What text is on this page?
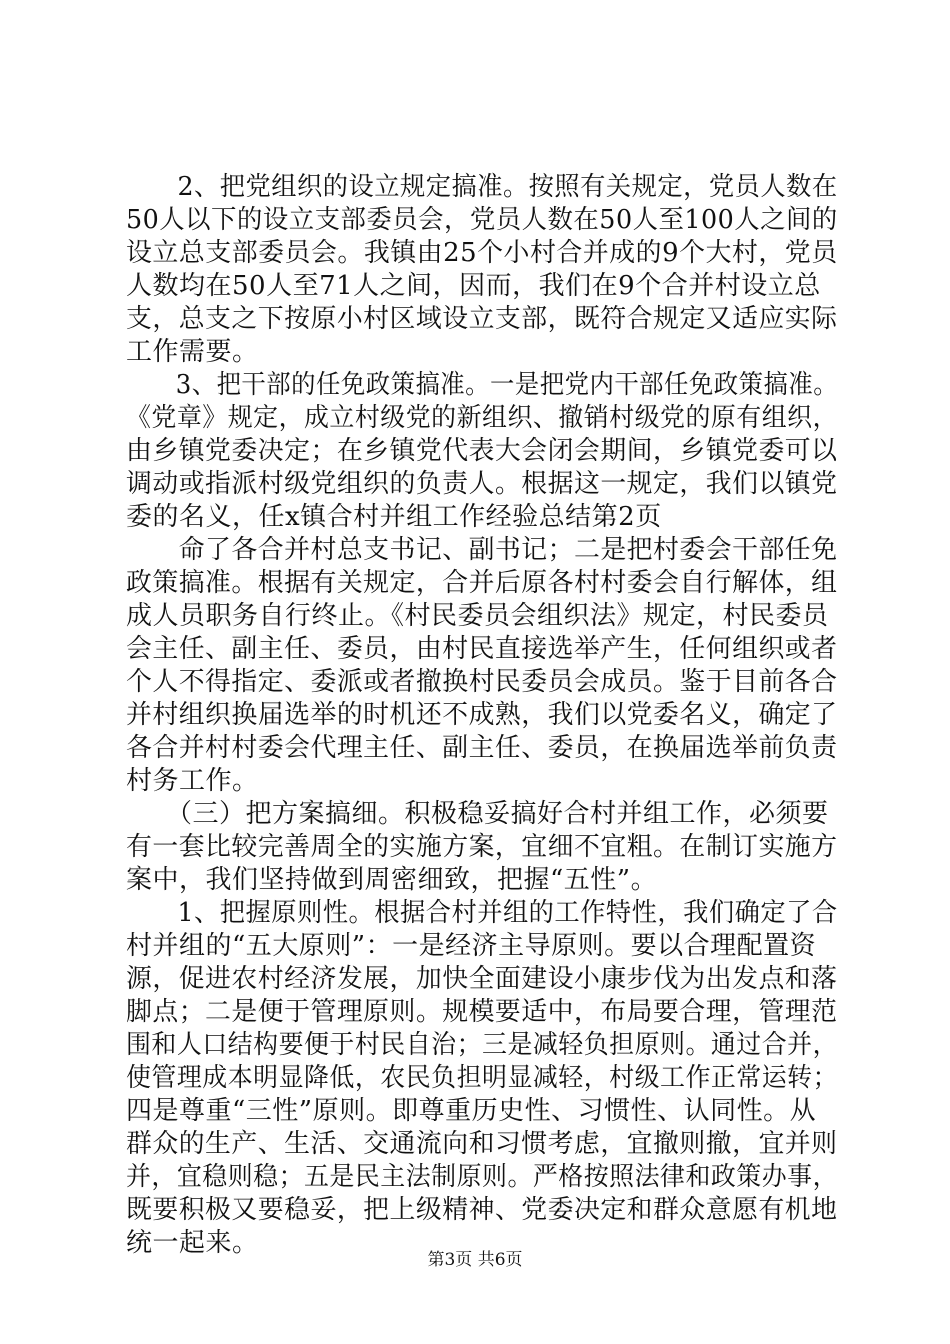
　　2、把党组织的设立规定搞准。按照有关规定，党员人数在
50人以下的设立支部委员会，党员人数在50人至100人之间的
设立总支部委员会。我镇由25个小村合并成的9个大村，党员
人数均在50人至71人之间，因而，我们在9个合并村设立总
支，总支之下按原小村区域设立支部，既符合规定又适应实际
工作需要。
　　3、把干部的任免政策搞准。一是把党内干部任免政策搞准。
《党章》规定，成立村级党的新组织、撤销村级党的原有组织，
由乡镇党委决定；在乡镇党代表大会闭会期间，乡镇党委可以
调动或指派村级党组织的负责人。根据这一规定，我们以镇党
委的名义，任x镇合村并组工作经验总结第2页
　　命了各合并村总支书记、副书记；二是把村委会干部任免
政策搞准。根据有关规定，合并后原各村村委会自行解体，组
成人员职务自行终止。《村民委员会组织法》规定，村民委员
会主任、副主任、委员，由村民直接选举产生，任何组织或者
个人不得指定、委派或者撤换村民委员会成员。鉴于目前各合
并村组织换届选举的时机还不成熟，我们以党委名义，确定了
各合并村村委会代理主任、副主任、委员，在换届选举前负责
村务工作。
　　（三）把方案搞细。积极稳妥搞好合村并组工作，必须要
有一套比较完善周全的实施方案，宜细不宜粗。在制订实施方
案中，我们坚持做到周密细致，把握“五性”。
　　1、把握原则性。根据合村并组的工作特性，我们确定了合
村并组的“五大原则”：一是经济主导原则。要以合理配置资
源，促进农村经济发展，加快全面建设小康步伐为出发点和落
脚点；二是便于管理原则。规模要适中，布局要合理，管理范
围和人口结构要便于村民自治；三是减轻负担原则。通过合并，
使管理成本明显降低，农民负担明显减轻，村级工作正常运转；
四是尊重“三性”原则。即尊重历史性、习惯性、认同性。从
群众的生产、生活、交通流向和习惯考虑，宜撤则撤，宜并则
并，宜稳则稳；五是民主法制原则。严格按照法律和政策办事，
既要积极又要稳妥，把上级精神、党委决定和群众意愿有机地
统一起来。
第3页 共6页
